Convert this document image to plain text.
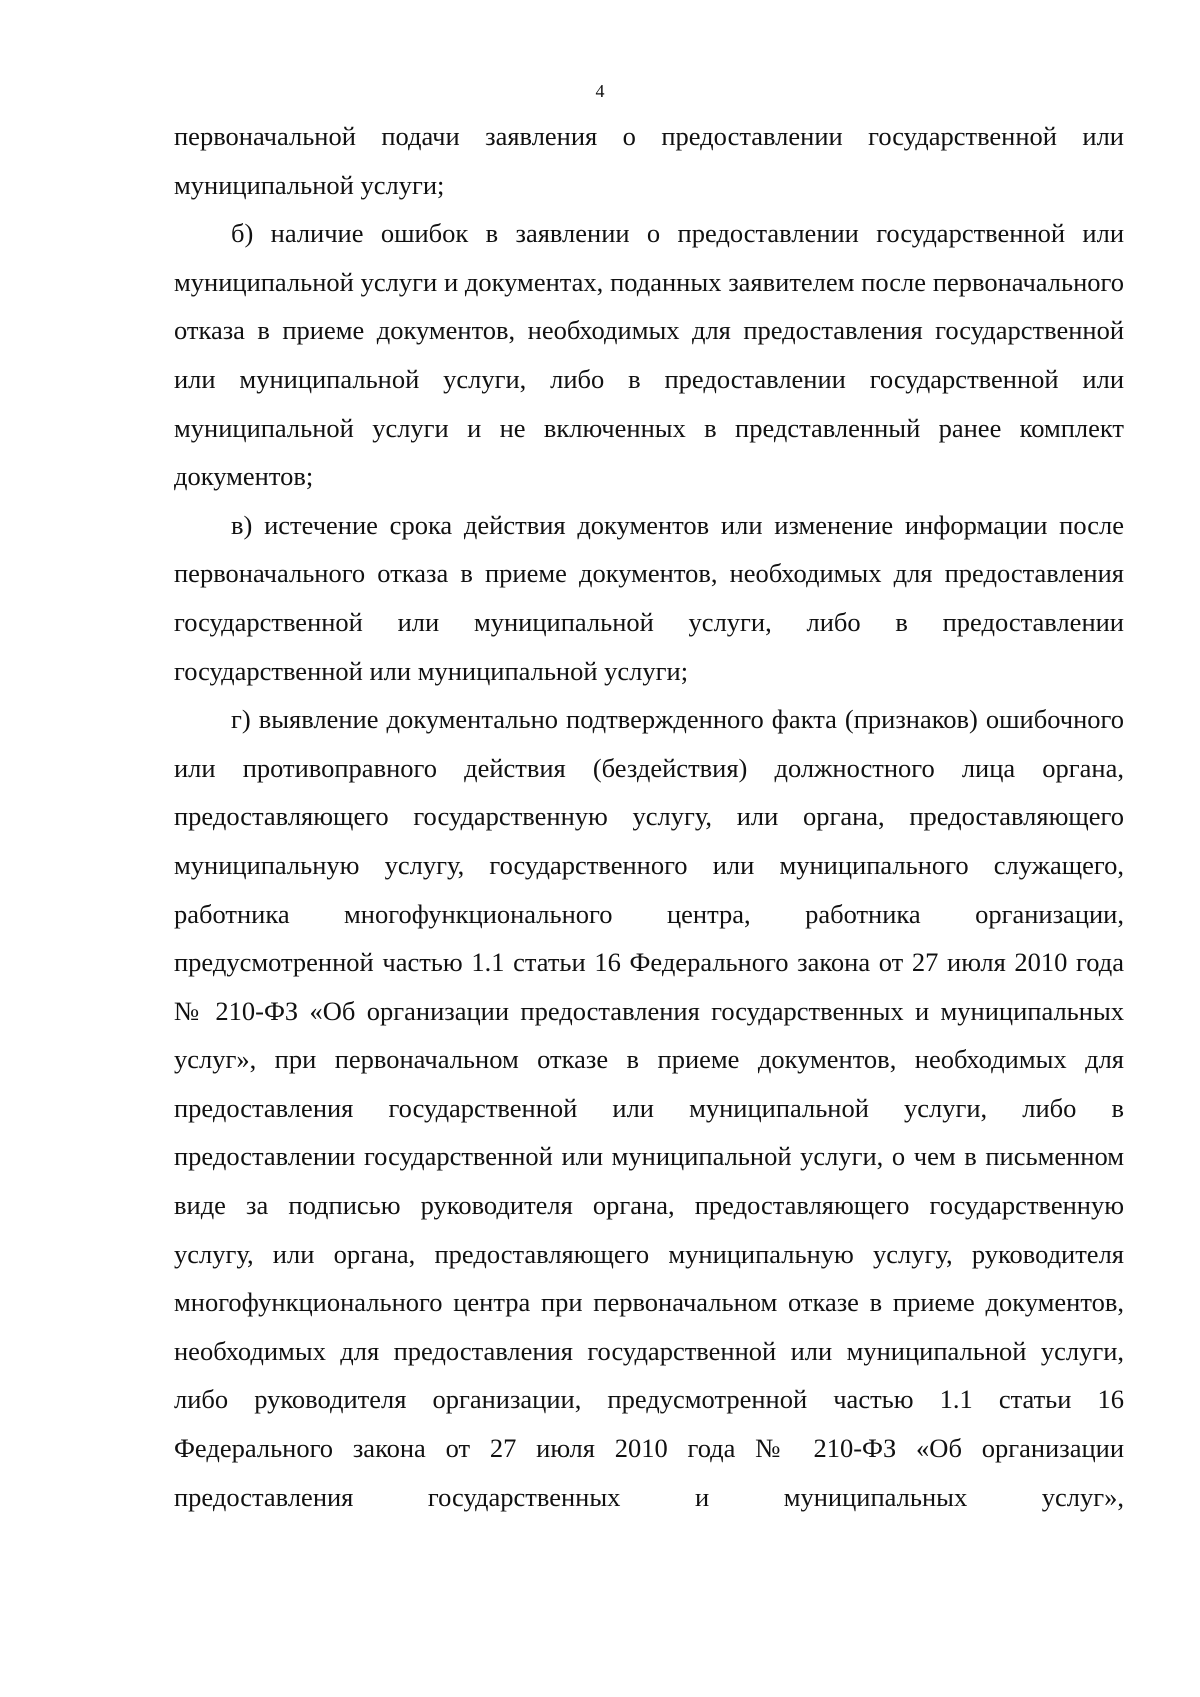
4

первоначальной подачи заявления о предоставлении государственной или муниципальной услуги;

б) наличие ошибок в заявлении о предоставлении государственной или муниципальной услуги и документах, поданных заявителем после первоначального отказа в приеме документов, необходимых для предоставления государственной или муниципальной услуги, либо в предоставлении государственной или муниципальной услуги и не включенных в представленный ранее комплект документов;

в) истечение срока действия документов или изменение информации после первоначального отказа в приеме документов, необходимых для предоставления государственной или муниципальной услуги, либо в предоставлении государственной или муниципальной услуги;

г) выявление документально подтвержденного факта (признаков) ошибочного или противоправного действия (бездействия) должностного лица органа, предоставляющего государственную услугу, или органа, предоставляющего муниципальную услугу, государственного или муниципального служащего, работника многофункционального центра, работника организации, предусмотренной частью 1.1 статьи 16 Федерального закона от 27 июля 2010 года № 210-ФЗ «Об организации предоставления государственных и муниципальных услуг», при первоначальном отказе в приеме документов, необходимых для предоставления государственной или муниципальной услуги, либо в предоставлении государственной или муниципальной услуги, о чем в письменном виде за подписью руководителя органа, предоставляющего государственную услугу, или органа, предоставляющего муниципальную услугу, руководителя многофункционального центра при первоначальном отказе в приеме документов, необходимых для предоставления государственной или муниципальной услуги, либо руководителя организации, предусмотренной частью 1.1 статьи 16 Федерального закона от 27 июля 2010 года № 210-ФЗ «Об организации предоставления государственных и муниципальных услуг»,
